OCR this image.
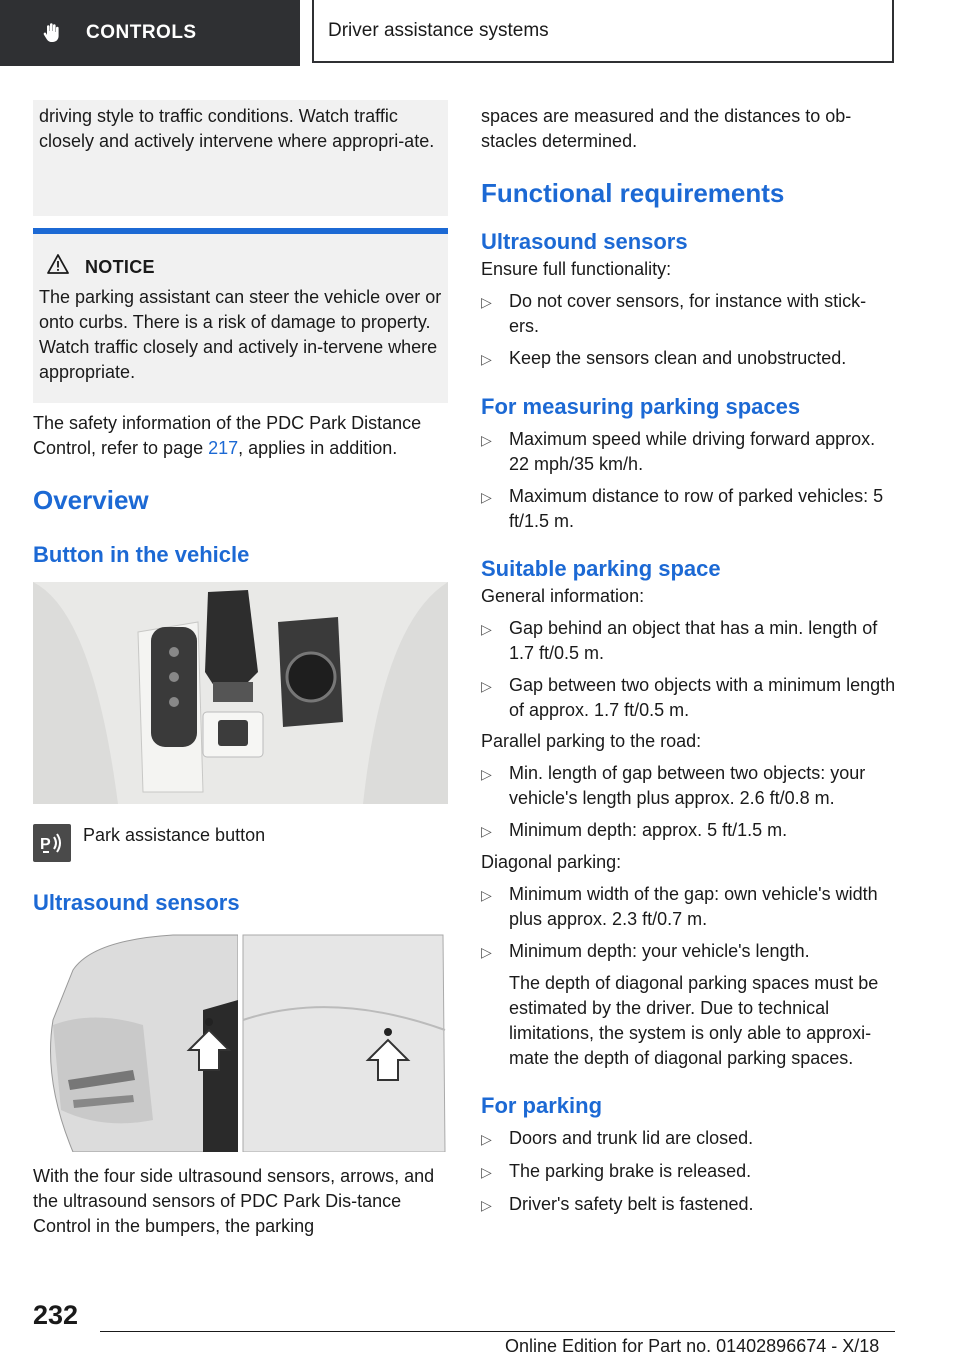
CONTROLS	Driver assistance systems

driving style to traffic conditions. Watch traffic closely and actively intervene where appropri-ate.

NOTICE

The parking assistant can steer the vehicle over or onto curbs. There is a risk of damage to property. Watch traffic closely and actively in-tervene where appropriate.

The safety information of the PDC Park Distance Control, refer to page 217, applies in addition.

Overview
Button in the vehicle
P Park assistance button
Ultrasound sensors

With the four side ultrasound sensors, arrows, and the ultrasound sensors of PDC Park Dis-tance Control in the bumpers, the parking

spaces are measured and the distances to ob-stacles determined.

Functional requirements
Ultrasound sensors

Ensure full functionality:

▷ Do not cover sensors, for instance with stick-ers.
▷ Keep the sensors clean and unobstructed.
For measuring parking spaces
▷ Maximum speed while driving forward approx. 22 mph/35 km/h.
▷ Maximum distance to row of parked vehicles: 5 ft/1.5 m.
Suitable parking space

General information:

▷ Gap behind an object that has a min. length of 1.7 ft/0.5 m.
▷ Gap between two objects with a minimum length of approx. 1.7 ft/0.5 m.

Parallel parking to the road:

▷ Min. length of gap between two objects: your vehicle's length plus approx. 2.6 ft/0.8 m.
▷ Minimum depth: approx. 5 ft/1.5 m.

Diagonal parking:

▷ Minimum width of the gap: own vehicle's width plus approx. 2.3 ft/0.7 m.
▷ Minimum depth: your vehicle's length.

The depth of diagonal parking spaces must be estimated by the driver. Due to technical limitations, the system is only able to approxi-mate the depth of diagonal parking spaces.

For parking
▷ Doors and trunk lid are closed.
▷ The parking brake is released.
▷ Driver's safety belt is fastened.
232
Online Edition for Part no. 01402896674 - X/18
